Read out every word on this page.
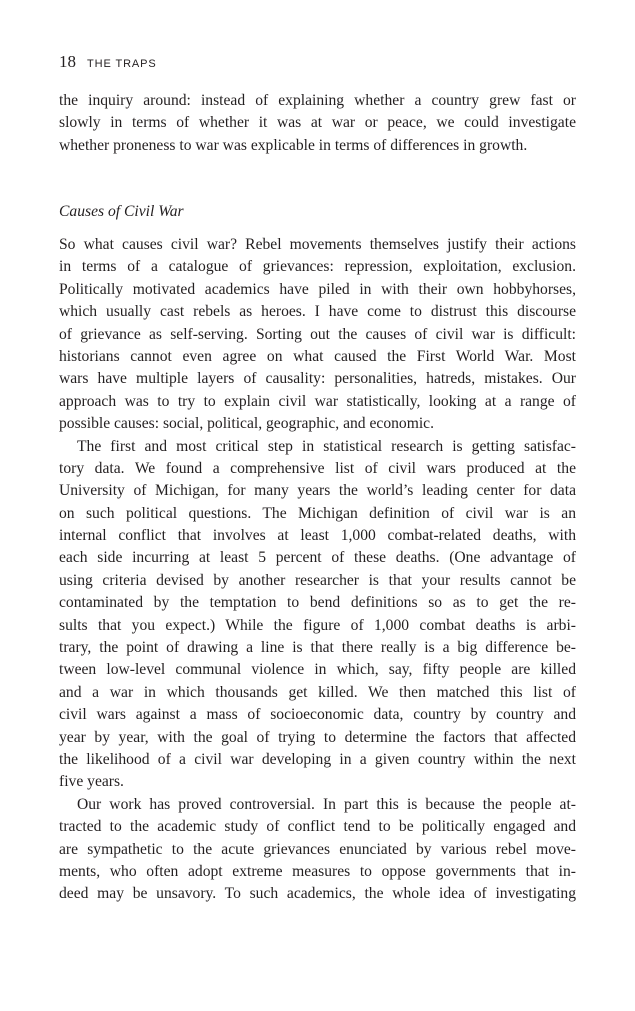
18 THE TRAPS
the inquiry around: instead of explaining whether a country grew fast or
slowly in terms of whether it was at war or peace, we could investigate
whether proneness to war was explicable in terms of differences in growth.
Causes of Civil War
So what causes civil war? Rebel movements themselves justify their actions
in terms of a catalogue of grievances: repression, exploitation, exclusion.
Politically motivated academics have piled in with their own hobbyhorses,
which usually cast rebels as heroes. I have come to distrust this discourse
of grievance as self-serving. Sorting out the causes of civil war is difficult:
historians cannot even agree on what caused the First World War. Most
wars have multiple layers of causality: personalities, hatreds, mistakes. Our
approach was to try to explain civil war statistically, looking at a range of
possible causes: social, political, geographic, and economic.
The first and most critical step in statistical research is getting satisfac-
tory data. We found a comprehensive list of civil wars produced at the
University of Michigan, for many years the world’s leading center for data
on such political questions. The Michigan definition of civil war is an
internal conflict that involves at least 1,000 combat-related deaths, with
each side incurring at least 5 percent of these deaths. (One advantage of
using criteria devised by another researcher is that your results cannot be
contaminated by the temptation to bend definitions so as to get the re-
sults that you expect.) While the figure of 1,000 combat deaths is arbi-
trary, the point of drawing a line is that there really is a big difference be-
tween low-level communal violence in which, say, fifty people are killed
and a war in which thousands get killed. We then matched this list of
civil wars against a mass of socioeconomic data, country by country and
year by year, with the goal of trying to determine the factors that affected
the likelihood of a civil war developing in a given country within the next
five years.
Our work has proved controversial. In part this is because the people at-
tracted to the academic study of conflict tend to be politically engaged and
are sympathetic to the acute grievances enunciated by various rebel move-
ments, who often adopt extreme measures to oppose governments that in-
deed may be unsavory. To such academics, the whole idea of investigating
